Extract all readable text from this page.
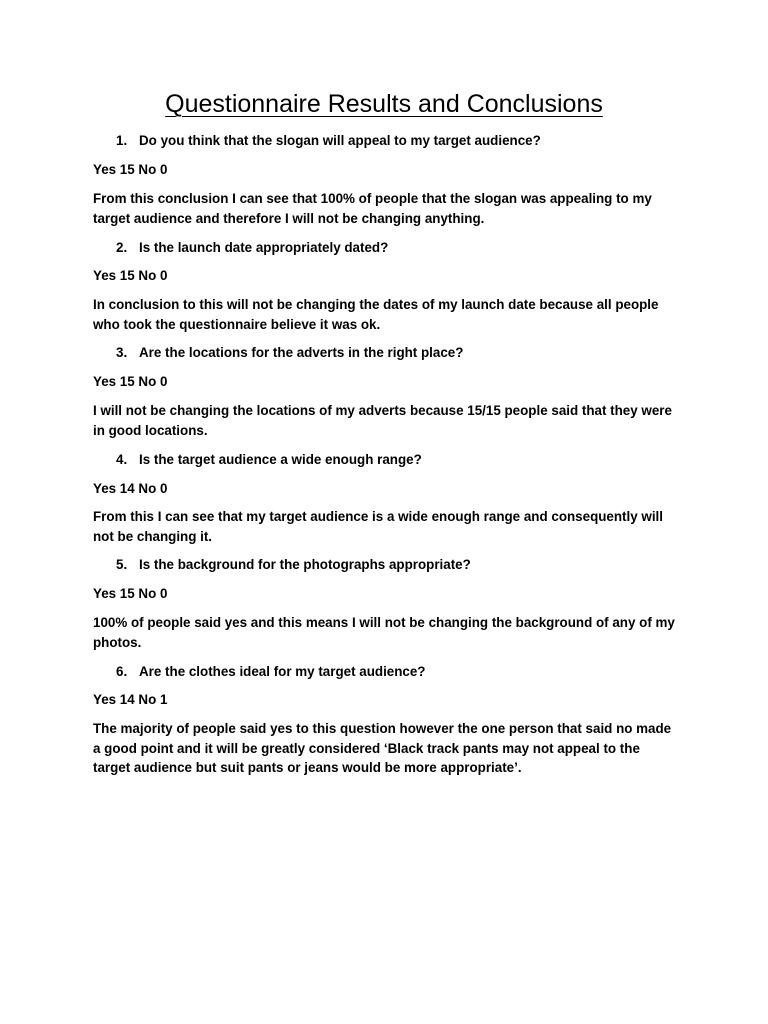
Questionnaire Results and Conclusions
1. Do you think that the slogan will appeal to my target audience?
Yes 15 No 0
From this conclusion I can see that 100% of people that the slogan was appealing to my target audience and therefore I will not be changing anything.
2. Is the launch date appropriately dated?
Yes 15 No 0
In conclusion to this will not be changing the dates of my launch date because all people who took the questionnaire believe it was ok.
3. Are the locations for the adverts in the right place?
Yes 15 No 0
I will not be changing the locations of my adverts because 15/15 people said that they were in good locations.
4. Is the target audience a wide enough range?
Yes 14 No 0
From this I can see that my target audience is a wide enough range and consequently will not be changing it.
5. Is the background for the photographs appropriate?
Yes 15 No 0
100% of people said yes and this means I will not be changing the background of any of my photos.
6. Are the clothes ideal for my target audience?
Yes 14 No 1
The majority of people said yes to this question however the one person that said no made a good point and it will be greatly considered ‘Black track pants may not appeal to the target audience but suit pants or jeans would be more appropriate’.
